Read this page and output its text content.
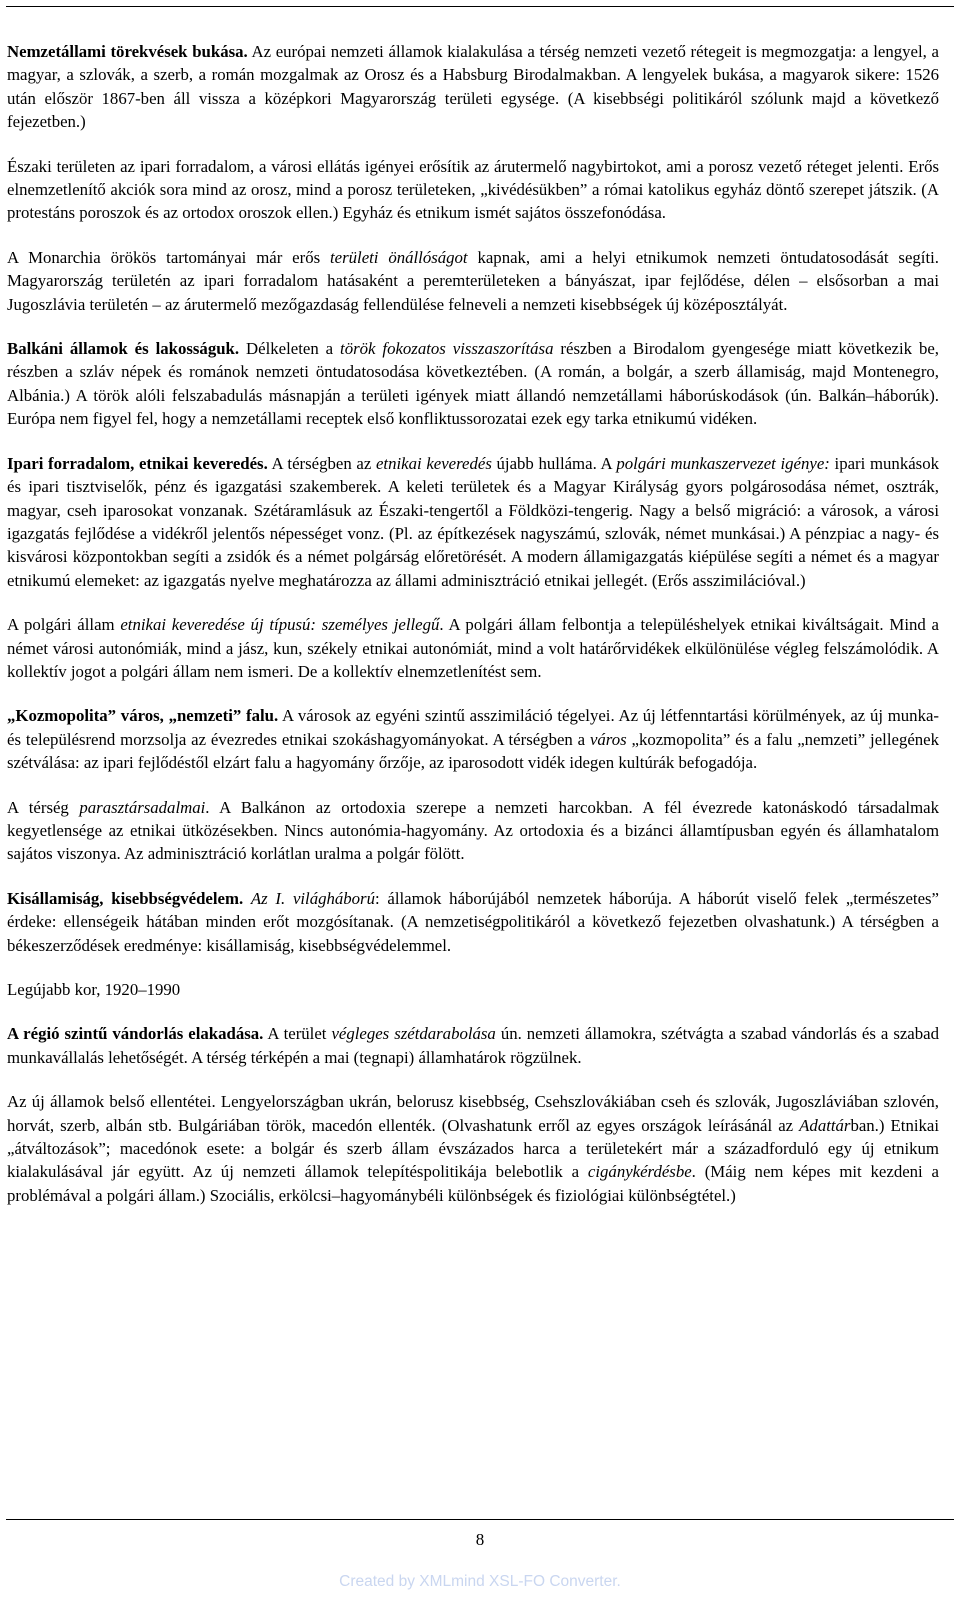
Nemzetállami törekvések bukása. Az európai nemzeti államok kialakulása a térség nemzeti vezető rétegeit is megmozgatja: a lengyel, a magyar, a szlovák, a szerb, a román mozgalmak az Orosz és a Habsburg Birodalmakban. A lengyelek bukása, a magyarok sikere: 1526 után először 1867-ben áll vissza a középkori Magyarország területi egysége. (A kisebbségi politikáról szólunk majd a következő fejezetben.)

Északi területen az ipari forradalom, a városi ellátás igényei erősítik az árutermelő nagybirtokot, ami a porosz vezető réteget jelenti. Erős elnemzetlenítő akciók sora mind az orosz, mind a porosz területeken, „kivédésükben” a római katolikus egyház döntő szerepet játszik. (A protestáns poroszok és az ortodox oroszok ellen.) Egyház és etnikum ismét sajátos összefonódása.

A Monarchia örökös tartományai már erős területi önállóságot kapnak, ami a helyi etnikumok nemzeti öntudatosodását segíti. Magyarország területén az ipari forradalom hatásaként a peremterületeken a bányászat, ipar fejlődése, délen – elsősorban a mai Jugoszlávia területén – az árutermelő mezőgazdaság fellendülése felneveli a nemzeti kisebbségek új középosztályát.

Balkáni államok és lakosságuk. Délkeleten a török fokozatos visszaszorítása részben a Birodalom gyengesége miatt következik be, részben a szláv népek és románok nemzeti öntudatosodása következtében. (A román, a bolgár, a szerb államiság, majd Montenegro, Albánia.) A török alóli felszabadulás másnapján a területi igények miatt állandó nemzetállami háborúskodások (ún. Balkán–háborúk). Európa nem figyel fel, hogy a nemzetállami receptek első konfliktussorozatai ezek egy tarka etnikumú vidéken.

Ipari forradalom, etnikai keveredés. A térségben az etnikai keveredés újabb hulláma. A polgári munkaszervezet igénye: ipari munkások és ipari tisztviselők, pénz és igazgatási szakemberek. A keleti területek és a Magyar Királyság gyors polgárosodása német, osztrák, magyar, cseh iparosokat vonzanak. Szétáramlásuk az Északi-tengertől a Földközi-tengerig. Nagy a belső migráció: a városok, a városi igazgatás fejlődése a vidékről jelentős népességet vonz. (Pl. az építkezések nagyszámú, szlovák, német munkásai.) A pénzpiac a nagy- és kisvárosi központokban segíti a zsidók és a német polgárság előretörését. A modern államigazgatás kiépülése segíti a német és a magyar etnikumú elemeket: az igazgatás nyelve meghatározza az állami adminisztráció etnikai jellegét. (Erős asszimilációval.)

A polgári állam etnikai keveredése új típusú: személyes jellegű. A polgári állam felbontja a településhelyek etnikai kiváltságait. Mind a német városi autonómiák, mind a jász, kun, székely etnikai autonómiát, mind a volt határőrvidékek elkülönülése végleg felszámolódik. A kollektív jogot a polgári állam nem ismeri. De a kollektív elnemzetlenítést sem.

„Kozmopolita” város, „nemzeti” falu. A városok az egyéni szintű asszimiláció tégelyei. Az új létfenntartási körülmények, az új munka- és településrend morzsolja az évezredes etnikai szokáshagyományokat. A térségben a város „kozmopolita” és a falu „nemzeti” jellegének szétválása: az ipari fejlődéstől elzárt falu a hagyomány őrzője, az iparosodott vidék idegen kultúrák befogadója.

A térség parasztársadalmai. A Balkánon az ortodoxia szerepe a nemzeti harcokban. A fél évezrede katonáskodó társadalmak kegyetlensége az etnikai ütközésekben. Nincs autonómia-hagyomány. Az ortodoxia és a bizánci államtípusban egyén és államhatalom sajátos viszonya. Az adminisztráció korlátlan uralma a polgár fölött.

Kisállamiság, kisebbségvédelem. Az I. világháború: államok háborújából nemzetek háborúja. A háborút viselő felek „természetes” érdeke: ellenségeik hátában minden erőt mozgósítanak. (A nemzetiségpolitikáról a következő fejezetben olvashatunk.) A térségben a békeszerződések eredménye: kisállamiság, kisebbségvédelemmel.

Legújabb kor, 1920–1990

A régió szintű vándorlás elakadása. A terület végleges szétdarabolása ún. nemzeti államokra, szétvágta a szabad vándorlás és a szabad munkavállalás lehetőségét. A térség térképén a mai (tegnapi) államhatárok rögzülnek.

Az új államok belső ellentétei. Lengyelországban ukrán, belorusz kisebbség, Csehszlovákiában cseh és szlovák, Jugoszláviában szlovén, horvát, szerb, albán stb. Bulgáriában török, macedón ellenték. (Olvashatunk erről az egyes országok leírásánál az Adattárban.) Etnikai „átváltozások”; macedónok esete: a bolgár és szerb állam évszázados harca a területekért már a századforduló egy új etnikum kialakulásával jár együtt. Az új nemzeti államok telepítéspolitikája belebotlik a cigánykérdésbe. (Máig nem képes mit kezdeni a problémával a polgári állam.) Szociális, erkölcsi–hagyománybéli különbségek és fiziológiai különbségtétel.)

8
Created by XMLmind XSL-FO Converter.
